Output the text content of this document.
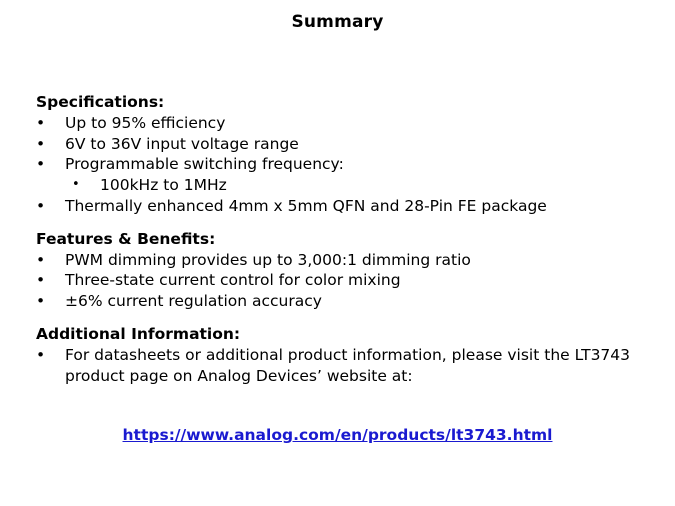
Summary
Specifications:
• Up to 95% efficiency
• 6V to 36V input voltage range
• Programmable switching frequency:
• 100kHz to 1MHz
• Thermally enhanced 4mm x 5mm QFN and 28-Pin FE package
Features & Benefits:
• PWM dimming provides up to 3,000:1 dimming ratio
• Three-state current control for color mixing
• ±6% current regulation accuracy
Additional Information:
• For datasheets or additional product information, please visit the LT3743 product page on Analog Devices’ website at:
https://www.analog.com/en/products/lt3743.html
